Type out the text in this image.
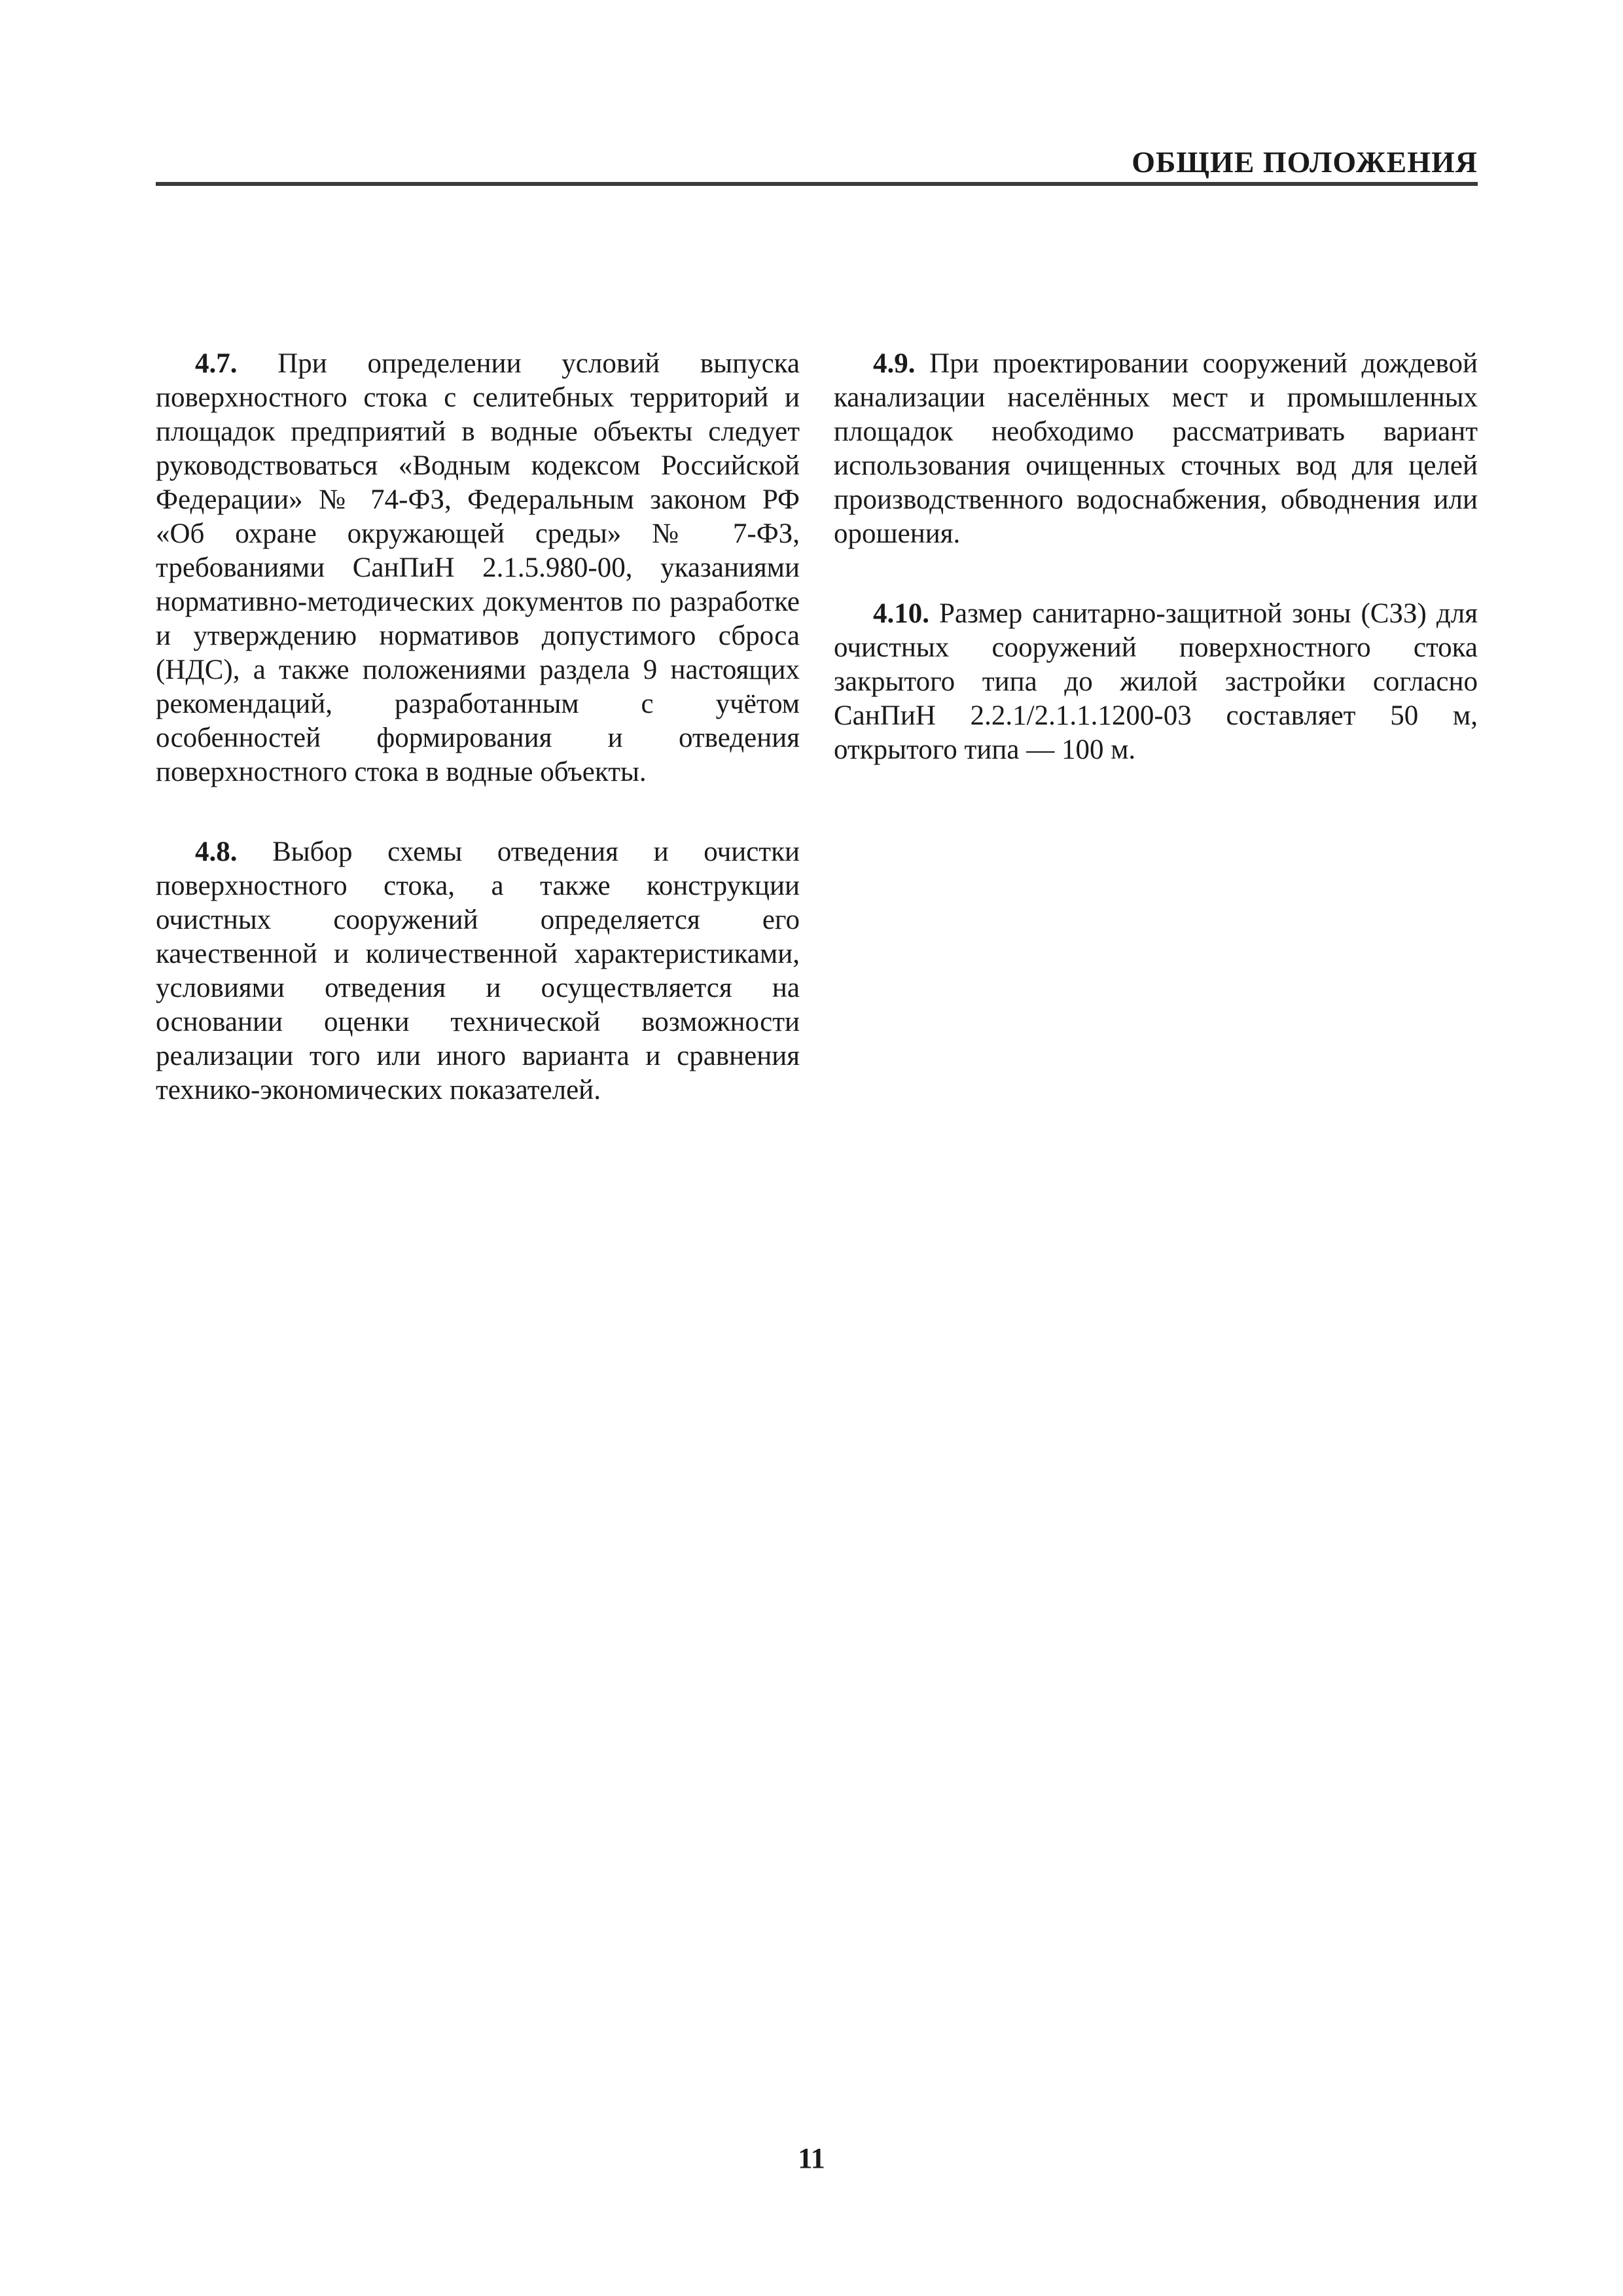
ОБЩИЕ ПОЛОЖЕНИЯ

4.7. При определении условий выпуска поверхностного стока с селитебных территорий и площадок предприятий в водные объекты следует руководствоваться «Водным кодексом Российской Федерации» № 74-ФЗ, Федеральным законом РФ «Об охране окружающей среды» № 7-ФЗ, требованиями СанПиН 2.1.5.980-00, указаниями нормативно-методических документов по разработке и утверждению нормативов допустимого сброса (НДС), а также положениями раздела 9 настоящих рекомендаций, разработанным с учётом особенностей формирования и отведения поверхностного стока в водные объекты.

4.8. Выбор схемы отведения и очистки поверхностного стока, а также конструкции очистных сооружений определяется его качественной и количественной характеристиками, условиями отведения и осуществляется на основании оценки технической возможности реализации того или иного варианта и сравнения технико-экономических показателей.

4.9. При проектировании сооружений дождевой канализации населённых мест и промышленных площадок необходимо рассматривать вариант использования очищенных сточных вод для целей производственного водоснабжения, обводнения или орошения.

4.10. Размер санитарно-защитной зоны (СЗЗ) для очистных сооружений поверхностного стока закрытого типа до жилой застройки согласно СанПиН 2.2.1/2.1.1.1200-03 составляет 50 м, открытого типа — 100 м.

11
